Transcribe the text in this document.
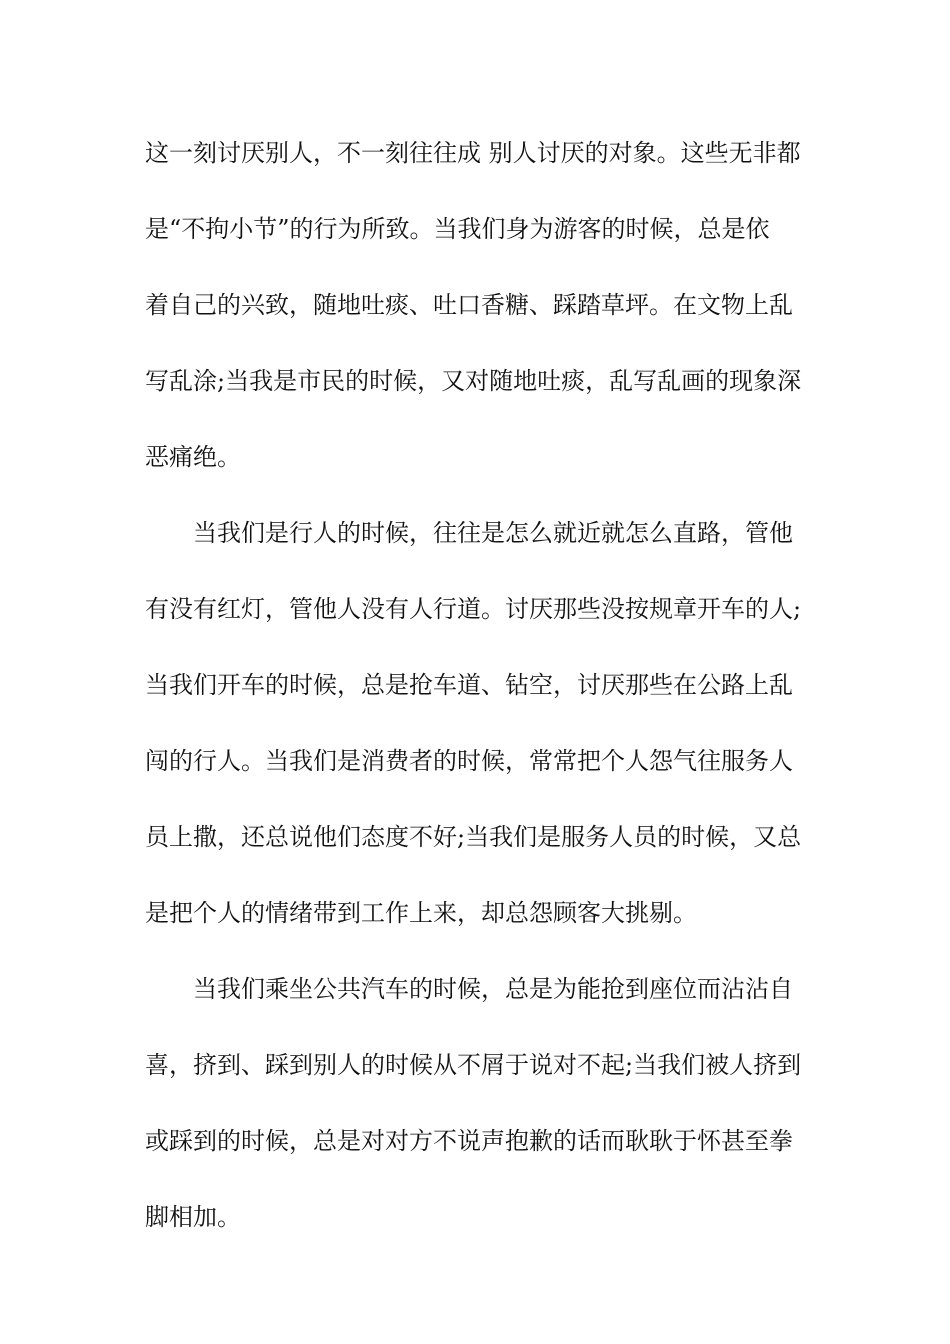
这一刻讨厌别人，不一刻往往成 别人讨厌的对象。这些无非都
是“不拘小节”的行为所致。当我们身为游客的时候，总是依
着自己的兴致，随地吐痰、吐口香糖、踩踏草坪。在文物上乱
写乱涂;当我是市民的时候，又对随地吐痰，乱写乱画的现象深
恶痛绝。
当我们是行人的时候，往往是怎么就近就怎么直路，管他
有没有红灯，管他人没有人行道。讨厌那些没按规章开车的人;
当我们开车的时候，总是抢车道、钻空，讨厌那些在公路上乱
闯的行人。当我们是消费者的时候，常常把个人怨气往服务人
员上撒，还总说他们态度不好;当我们是服务人员的时候，又总
是把个人的情绪带到工作上来，却总怨顾客大挑剔。
当我们乘坐公共汽车的时候，总是为能抢到座位而沾沾自
喜，挤到、踩到别人的时候从不屑于说对不起;当我们被人挤到
或踩到的时候，总是对对方不说声抱歉的话而耿耿于怀甚至拳
脚相加。
